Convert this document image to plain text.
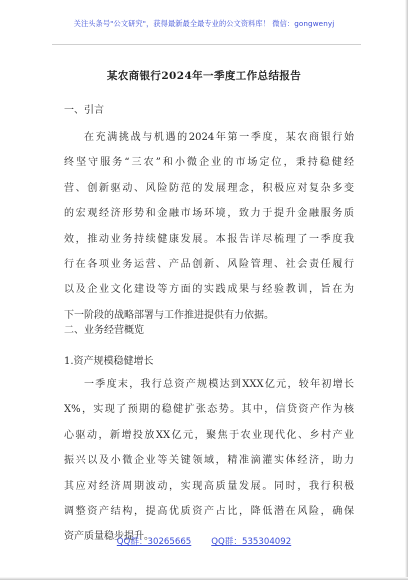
关注头条号"公文研究"，获得最新最全最专业的公文资料库！ 微信：gongwenyj
某农商银行2024年一季度工作总结报告
一、引言
在充满挑战与机遇的2024年第一季度，某农商银行始
终坚守服务“三农”和小微企业的市场定位，秉持稳健经
营、创新驱动、风险防范的发展理念，积极应对复杂多变
的宏观经济形势和金融市场环境，致力于提升金融服务质
效，推动业务持续健康发展。本报告详尽梳理了一季度我
行在各项业务运营、产品创新、风险管理、社会责任履行
以及企业文化建设等方面的实践成果与经验教训，旨在为
下一阶段的战略部署与工作推进提供有力依据。
二、业务经营概览
1.资产规模稳健增长
一季度末，我行总资产规模达到XXX亿元，较年初增长
X%，实现了预期的稳健扩张态势。其中，信贷资产作为核
心驱动，新增投放XX亿元，聚焦于农业现代化、乡村产业
振兴以及小微企业等关键领域，精准滴灌实体经济，助力
其应对经济周期波动，实现高质量发展。同时，我行积极
调整资产结构，提高优质资产占比，降低潜在风险，确保
资产质量稳步提升。
QQ群：30265665 QQ群：535304092
